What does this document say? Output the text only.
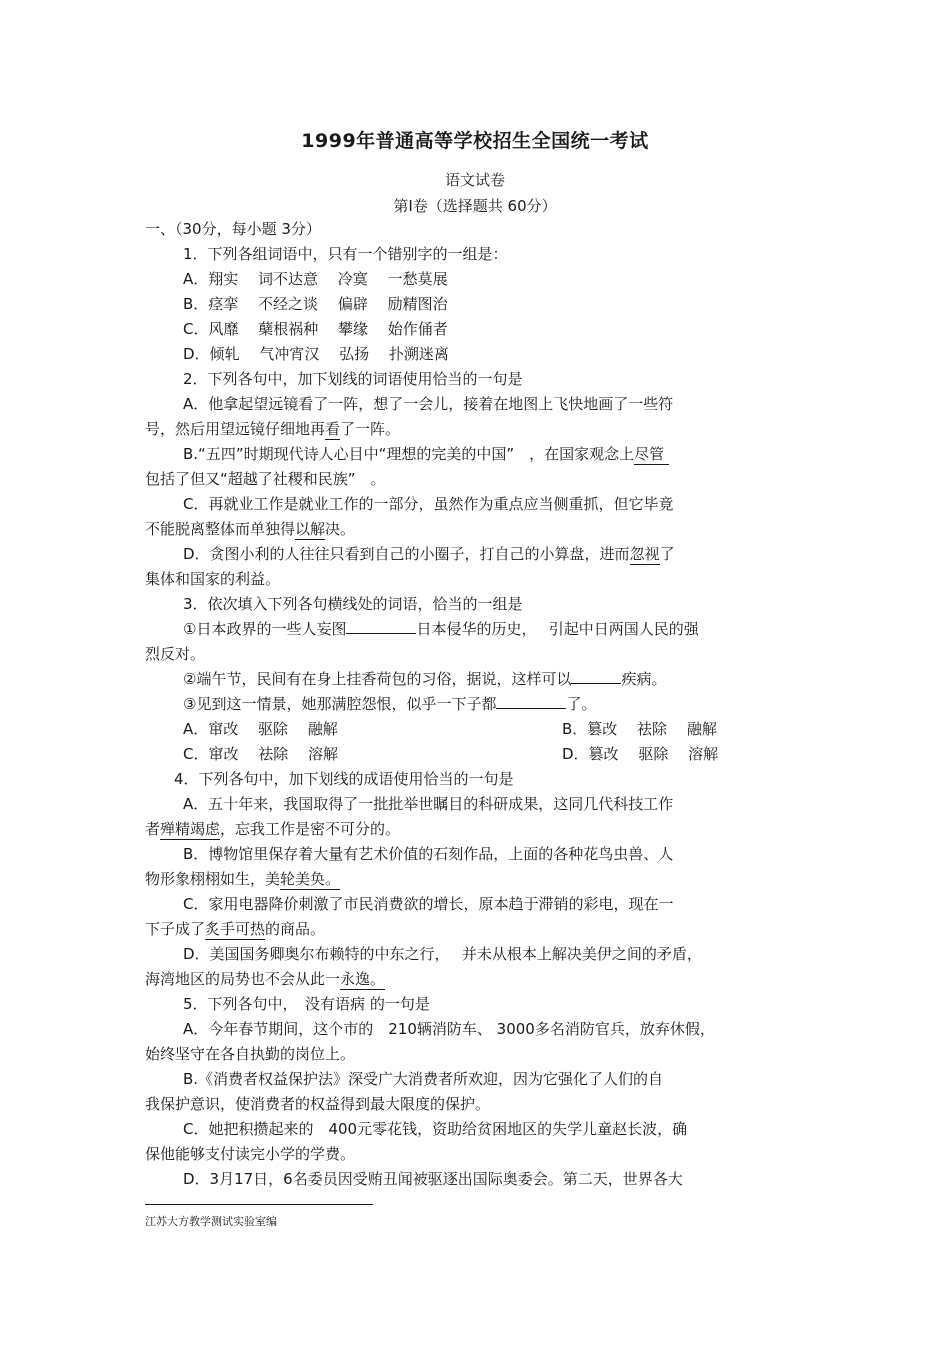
1999年普通高等学校招生全国统一考试
语文试卷
第Ⅰ卷（选择题共 60分）
一、（30分，每小题 3分）
1．下列各组词语中，只有一个错别字的一组是：
A．翔实　 词不达意　 冷寞　 一愁莫展
B．痉挛　 不经之谈　 偏辟　 励精图治
C．风靡　 蘖根祸种　 攀缘　 始作俑者
D．倾轧　 气冲宵汉　 弘扬　 扑溯迷离
2．下列各句中，加下划线的词语使用恰当的一句是
A．他拿起望远镜看了一阵，想了一会儿，接着在地图上飞快地画了一些符
号，然后用望远镜仔细地再看了一阵。
B.“五四”时期现代诗人心目中“理想的完美的中国”　，在国家观念上尽管
包括了但又“超越了社稷和民族”　。
C．再就业工作是就业工作的一部分，虽然作为重点应当侧重抓，但它毕竟
不能脱离整体而单独得以解决。
D．贪图小利的人往往只看到自己的小圈子，打自己的小算盘，进而忽视了
集体和国家的利益。
3．依次填入下列各句横线处的词语，恰当的一组是
①日本政界的一些人妄图	日本侵华的历史，　 引起中日两国人民的强
烈反对。
②端午节，民间有在身上挂香荷包的习俗，据说，这样可以	疾病。
③见到这一情景，她那满腔怨恨，似乎一下子都	了。
A．窜改　 驱除　 融解	B．篡改　 祛除　 融解
C．窜改　 祛除　 溶解	D．篡改　 驱除　 溶解
4．下列各句中，加下划线的成语使用恰当的一句是
A．五十年来，我国取得了一批批举世瞩目的科研成果，这同几代科技工作
者殚精竭虑，忘我工作是密不可分的。
B．博物馆里保存着大量有艺术价值的石刻作品，上面的各种花鸟虫兽、人
物形象栩栩如生，美轮美奂。
C．家用电器降价刺激了市民消费欲的增长，原本趋于滞销的彩电，现在一
下子成了炙手可热的商品。
D．美国国务卿奥尔布赖特的中东之行，　 并未从根本上解决美伊之间的矛盾，
海湾地区的局势也不会从此一永逸。
5．下列各句中，　没有语病 的一句是
A．今年春节期间，这个市的　210辆消防车、 3000多名消防官兵，放弃休假，
始终坚守在各自执勤的岗位上。
B.《消费者权益保护法》深受广大消费者所欢迎，因为它强化了人们的自
我保护意识，使消费者的权益得到最大限度的保护。
C．她把积攒起来的　400元零花钱，资助给贫困地区的失学儿童赵长波，确
保他能够支付读完小学的学费。
D．3月17日，6名委员因受贿丑闻被驱逐出国际奥委会。第二天，世界各大
江苏大方教学测试实验室编
